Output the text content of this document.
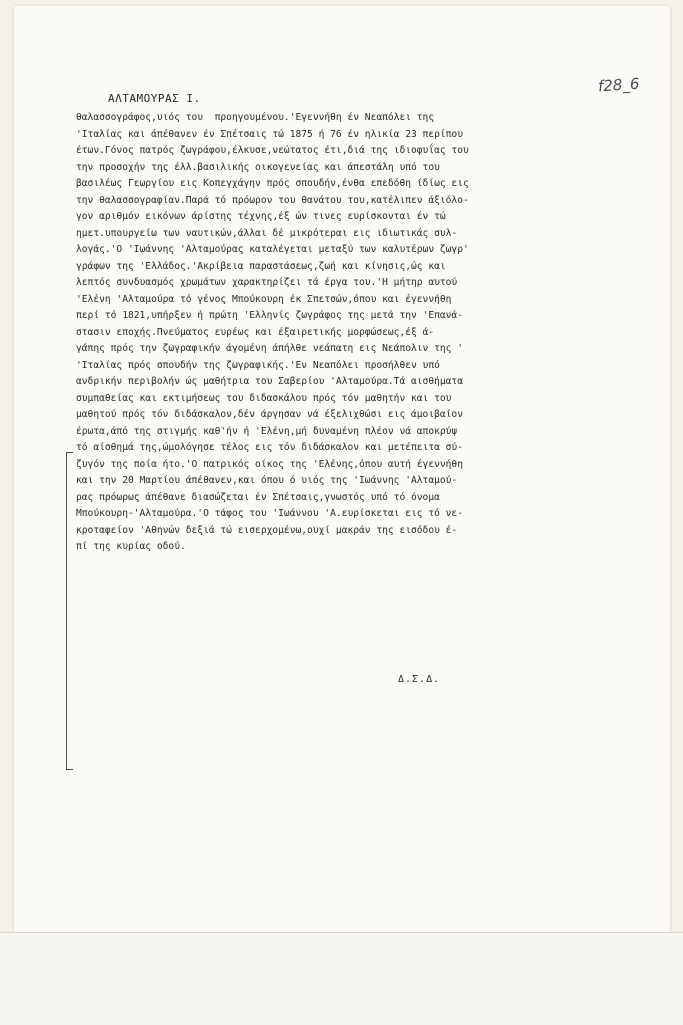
f28_6
ΑΛΤΑΜΟΥΡΑΣ Ι.
θαλασσογράφος,υιός του  προηγουμένου.'Εγεννήθη έν Νεαπόλει της
'Ιταλίας και άπέθανεν έν Σπέτσαις τώ 1875 ή 76 έν ηλικία 23 περίπου
έτων.Γόνος πατρός ζωγράφου,έλκυσε,νεώτατος έτι,διά της ιδιοφυΐας του
την προσοχήν της έλλ.βασιλικής οικογενείας και άπεστάλη υπό του
βασιλέως Γεωργίου εις Κοπεγχάγην πρός σπουδήν,ένθα επεδόθη ίδίως εις
την θαλασσογραφίαν.Παρά τό πρόωρον του θανάτου του,κατέλιπεν άξιόλο-
γον αριθμόν εικόνων άρίστης τέχνης,έξ ών τινες ευρίσκονται έν τώ
ημετ.υπουργείω των ναυτικών,άλλαι δέ μικρότεραι εις ιδιωτικάς συλ-
λογάς.'Ο 'Ιωάννης 'Αλταμούρας καταλέγεται μεταξύ των καλυτέρων ζωγρ'
γράφων της 'Ελλάδος.'Ακρίβεια παραστάσεως,ζωή και κίνησις,ώς και
λεπτός συνδυασμός χρωμάτων χαρακτηρίζει τά έργα του.'Η μήτηρ αυτού
'Ελένη 'Αλταμούρα τό γένος Μπούκουρη έκ Σπετσών,όπου και έγεννήθη
περί τό 1821,υπήρξεν ή πρώτη 'Ελληνίς ζωγράφος της μετά την 'Επανά-
στασιν εποχής.Πνεύματος ευρέως και έξαιρετικής μορφώσεως,έξ ά-
γάπης πρός την ζωγραφικήν άγομένη άπήλθε νεάπατη εις Νεάπολιν της '
'Ιταλίας πρός σπουδήν της ζωγραφικής.'Εν Νεαπόλει προσήλθεν υπό
ανδρικήν περιβολήν ώς μαθήτρια του Σαβερίου 'Αλταμούρα.Τά αισθήματα
συμπαθείας και εκτιμήσεως του διδασκάλου πρός τόν μαθητήν και του
μαθητού πρός τόν διδάσκαλον,δέν άργησαν νά έξελιχθώσι εις άμοιβαίον
έρωτα,άπό της στιγμής καθ'ήν ή 'Ελένη,μή δυναμένη πλέον νά αποκρύψ
τό αίσθημά της,ώμολόγησε τέλος εις τόν διδάσκαλον και μετέπειτα σύ-
ζυγόν της ποία ήτο.'Ο πατρικός οίκος της 'Ελένης,όπου αυτή έγεννήθη
και την 20 Μαρτίου άπέθανεν,και όπου ό υιός της 'Ιωάννης 'Αλταμού-
ρας πρόωρως άπέθανε διασώζεται έν Σπέτσαις,γνωστός υπό τό όνομα
Μπούκουρη-'Αλταμούρα.'Ο τάφος του 'Ιωάννου 'Α.ευρίσκεται εις τό νε-
κροταφείον 'Αθηνών δεξιά τώ εισερχομένω,ουχί μακράν της εισόδου έ-
πί της κυρίας οδού.
Δ.Σ.Δ.
